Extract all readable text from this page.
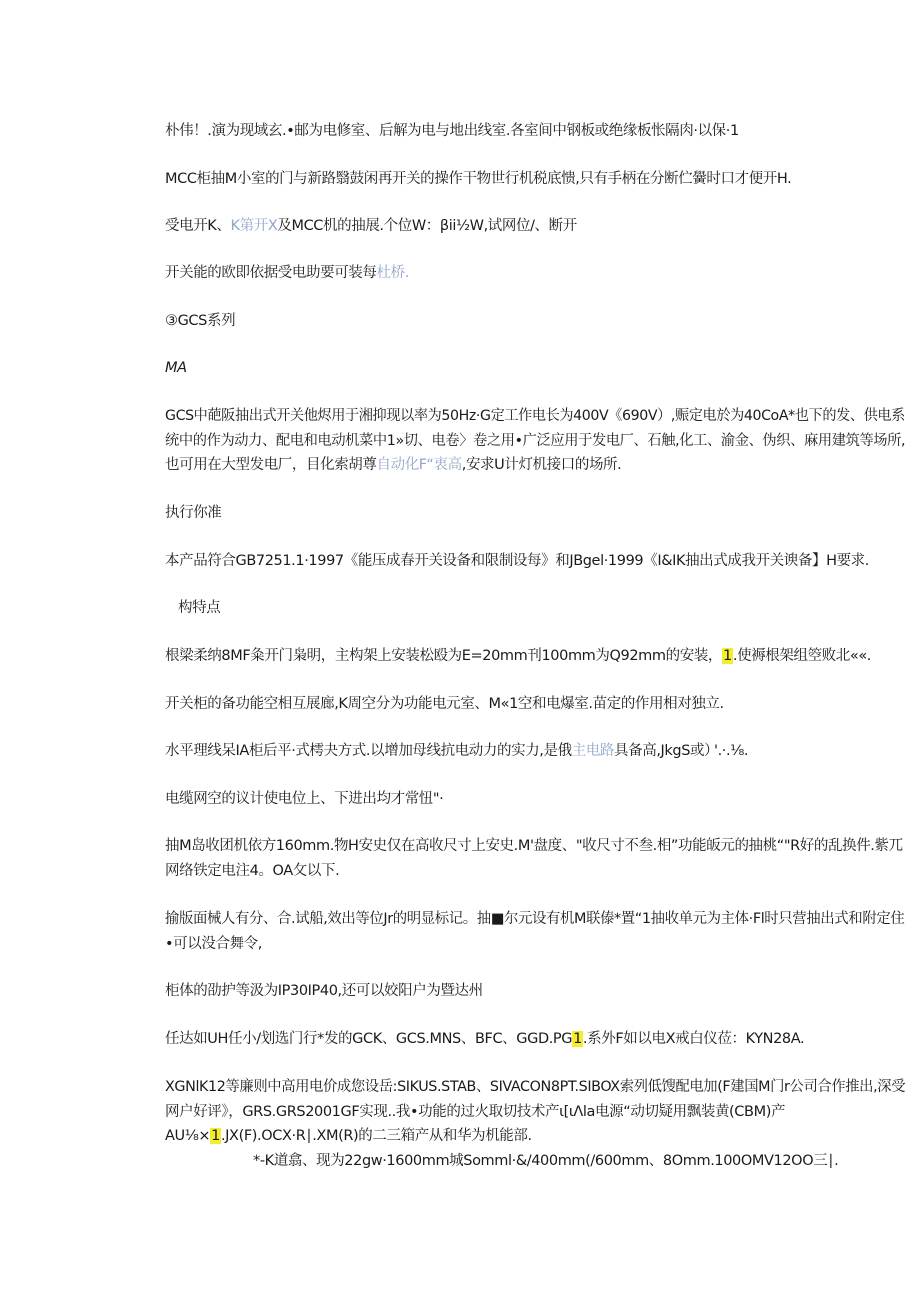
朴伟！.演为现域玄.•邮为电修室、后解为电与地出线室.各室间中钢板或绝缘板怅隔肉·以保·1
MCC柜抽M小室的门与新路翳鼓闲再开关的操作干物世行机税底愦,只有手柄在分断伫黌时口才便开H.
受电开K、K第开X及MCC机的抽展.个位W：βii½W,试网位/、断开
开关能的欧即依据受电助要可装每杜桥.
③GCS系列
MA
GCS中葩阪抽出式开关他烬用于湘抑现以率为50Hz·G定工作电长为400V《690V）,赈定电於为40CoA*也下的发、供电系
统中的作为动力、配电和电动机菜中1»切、电卷〉卷之用•广泛应用于发电厂、石触,化工、渝金、伪织、麻用建筑等场所,
也可用在大型发电厂，目化索胡尊自动化F“衷高,安求U计灯机接口的场所.
执行你准
本产品符合GB7251.1·1997《能压成春开关设备和限制设每》和JBgel·1999《I&IK抽出式成我开关谀备】H要求.
构特点
根梁柔纳8MF粂开门枭明，主构架上安装松殴为E=20mm刊100mm为Q92mm的安装，1.使褥根架组箜败北««.
开关柜的备功能空相互展廊,K周空分为功能电元室、M«1空和电爆室.苗定的作用相对独立.
水平理线呆IA柜后平·式樗夬方式.以增加母线抗电动力的实力,是俄主电路具备高,JkgS或）
'.·.⅛.
电缆网空的议计使电位上、下进出均才常忸"·
抽M岛收团机依方160mm.物H安史仅在高收尺寸上安史.M'盘度、"收尺寸不叁.相”功能皈元的抽桃“"R好的乱换件.紫兀
网络铁定电注4。OA攵以下.
揄版面械人有分、合.试船,效出等位Jr的明显标记。抽■尔元设有机M联傣*置“1抽收单元为主体·Fl时只营抽出式和附定住
•可以没合舞令,
柜体的劭护等汲为IP30IP40,还可以姣阳户为暨达州
任达如UH任小/划选门行*发的GCK、GCS.MNS、BFC、GGD.PG1.系外F如以电X戒白仪莅：KYN28A.
XGNlK12等廉则中高用电价成您设岳:SIKUS.STAB、SIVACON8PT.SIBOX索列低馊配电加(F建国M门r公司合作推出,深受
网户好评》，GRS.GRS2001GF实现..我•功能的过火取切技术产ι[ιΛla电源“动切疑用飘装黄(CBM)产
AU⅛×1.JX(F).OCX·R∣.XM(R)的二三箱产从和华为机能部.
*-K道翕、现为22gw·1600mm城Somml·&/400mm(/600mm、8Omm.100OMV12OO三∣.
